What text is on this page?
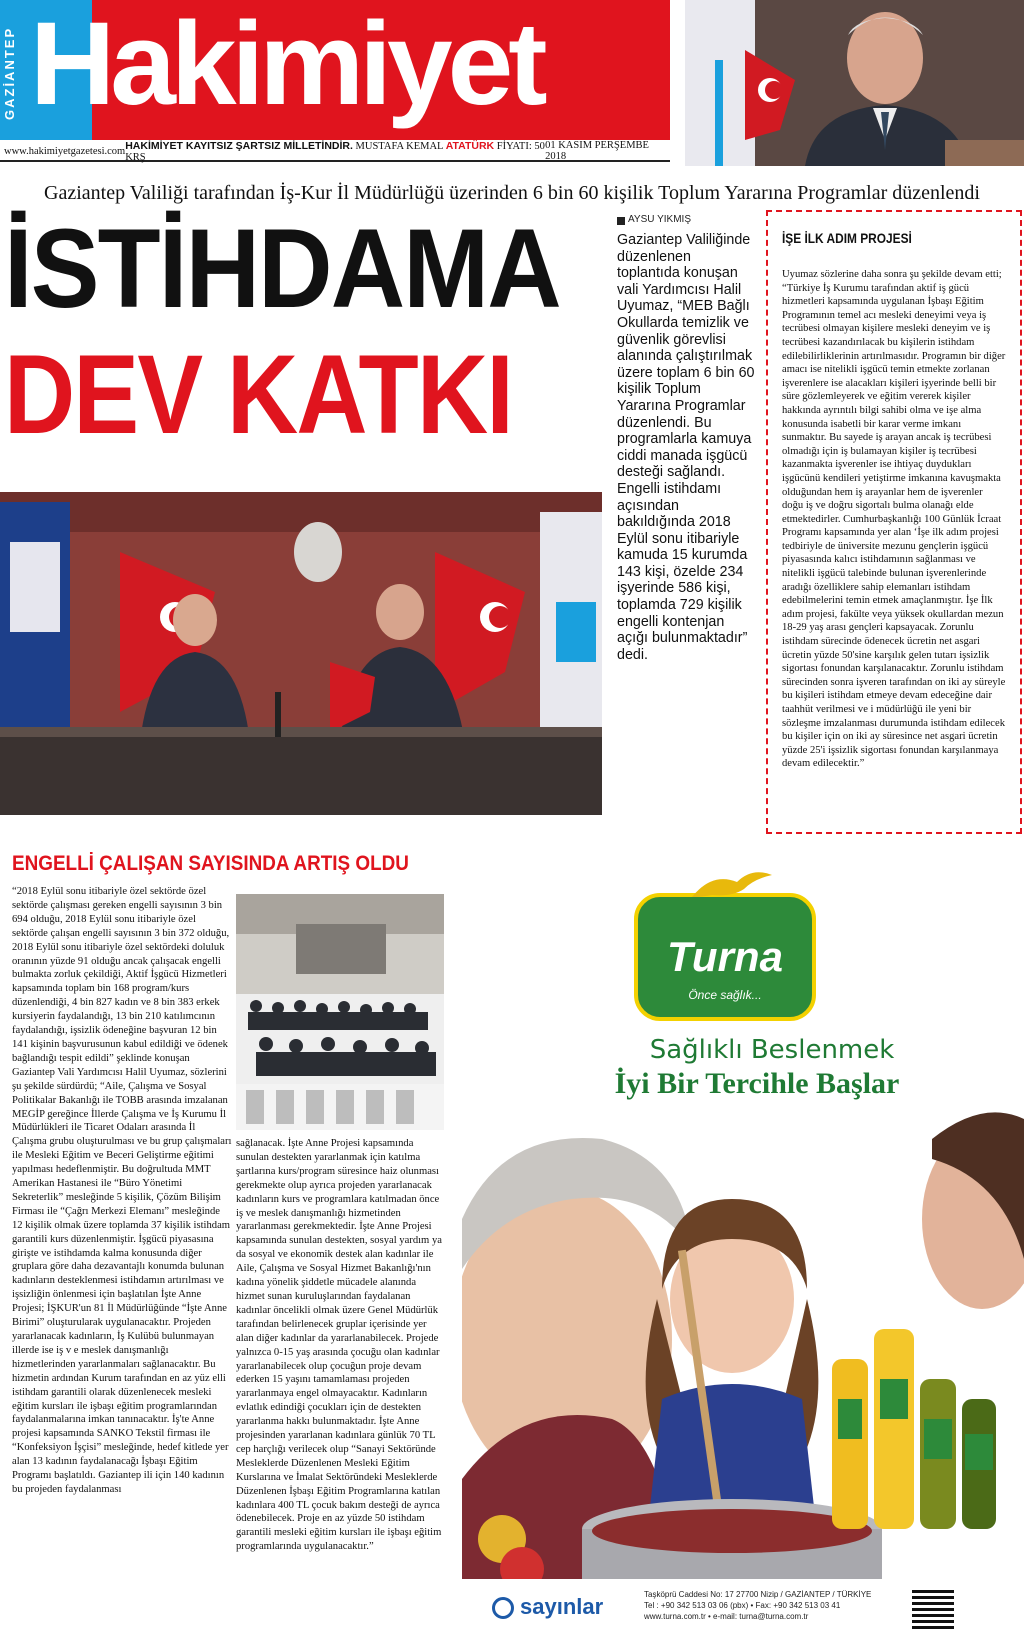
GAZİANTEP Hakimiyet
www.hakimiyetgazetesi.com HAKİMİYET KAYITSIZ ŞARTSIZ MİLLETİNDİR. MUSTAFA KEMAL ATATÜRK FİYATI: 50 KRŞ
01 KASIM PERŞEMBE 2018
Gaziantep Valiliği tarafından İş-Kur İl Müdürlüğü üzerinden 6 bin 60 kişilik Toplum Yararına Programlar düzenlendi
İSTİHDAMA
DEV KATKI
AYSU YIKMIŞ
Gaziantep Valiliğinde düzenlenen toplantıda konuşan vali Yardımcısı Halil Uyumaz, “MEB Bağlı Okullarda temizlik ve güvenlik görevlisi alanında çalıştırılmak üzere toplam 6 bin 60 kişilik Toplum Yararına Programlar düzenlendi. Bu programlarla kamuya ciddi manada işgücü desteği sağlandı. Engelli istihdamı açısından bakıldığında 2018 Eylül sonu itibariyle kamuda 15 kurumda 143 kişi, özelde 234 işyerinde 586 kişi, toplamda 729 kişilik engelli kontenjan açığı bulunmaktadır” dedi.
İŞE İLK ADIM PROJESİ
Uyumaz sözlerine daha sonra şu şekilde devam etti; “Türkiye İş Kurumu tarafından aktif iş gücü hizmetleri kapsamında uygulanan İşbaşı Eğitim Programının temel acı mesleki deneyimi veya iş tecrübesi olmayan kişilere mesleki deneyim ve iş tecrübesi kazandırılacak bu kişilerin istihdam edilebilirliklerinin artırılmasıdır. Programın bir diğer amacı ise nitelikli işgücü temin etmekte zorlanan işverenlere ise alacakları kişileri işyerinde belli bir süre gözlemleyerek ve eğitim vererek kişiler hakkında ayrıntılı bilgi sahibi olma ve işe alma konusunda isabetli bir karar verme imkanı sunmaktır. Bu sayede iş arayan ancak iş tecrübesi olmadığı için iş bulamayan kişiler iş tecrübesi kazanmakta işverenler ise ihtiyaç duydukları işgücünü kendileri yetiştirme imkanına kavuşmakta olduğundan hem iş arayanlar hem de işverenler doğu iş ve doğru sigortalı bulma olanağı elde etmektedirler. Cumhurbaşkanlığı 100 Günlük İcraat Programı kapsamında yer alan ‘İşe ilk adım projesi tedbiriyle de üniversite mezunu gençlerin işgücü piyasasında kalıcı istihdamının sağlanması ve nitelikli işgücü talebinde bulunan işverenlerinde aradığı özelliklere sahip elemanları istihdam edebilmelerini temin etmek amaçlanmıştır. İşe İlk adım projesi, fakülte veya yüksek okullardan mezun 18-29 yaş arası gençleri kapsayacak. Zorunlu istihdam sürecinde ödenecek ücretin net asgari ücretin yüzde 50'sine karşılık gelen tutarı işsizlik sigortası fonundan karşılanacaktır. Zorunlu istihdam sürecinden sonra işveren tarafından on iki ay süreyle bu kişileri istihdam etmeye devam edeceğine dair taahhüt verilmesi ve i müdürlüğü ile yeni bir sözleşme imzalanması durumunda istihdam edilecek bu kişiler için on iki ay süresince net asgari ücretin yüzde 25'i işsizlik sigortası fonundan karşılanmaya devam edilecektir.”
ENGELLİ ÇALIŞAN SAYISINDA ARTIŞ OLDU
“2018 Eylül sonu itibariyle özel sektörde özel sektörde çalışması gereken engelli sayısının 3 bin 694 olduğu, 2018 Eylül sonu itibariyle özel sektörde çalışan engelli sayısının 3 bin 372 olduğu, 2018 Eylül sonu itibariyle özel sektördeki doluluk oranının yüzde 91 olduğu ancak çalışacak engelli bulmakta zorluk çekildiği, Aktif İşgücü Hizmetleri kapsamında toplam bin 168 program/kurs düzenlendiği, 4 bin 827 kadın ve 8 bin 383 erkek kursiyerin faydalandığı, 13 bin 210 katılımcının faydalandığı, işsizlik ödeneğine başvuran 12 bin 141 kişinin başvurusunun kabul edildiği ve ödenek bağlandığı tespit edildi” şeklinde konuşan Gaziantep Vali Yardımcısı Halil Uyumaz, sözlerini şu şekilde sürdürdü; “Aile, Çalışma ve Sosyal Politikalar Bakanlığı ile TOBB arasında imzalanan MEGİP gereğince İllerde Çalışma ve İş Kurumu İl Müdürlükleri ile Ticaret Odaları arasında İl Çalışma grubu oluşturulması ve bu grup çalışmaları ile Mesleki Eğitim ve Beceri Geliştirme eğitimi yapılması hedeflenmiştir. Bu doğrultuda MMT Amerikan Hastanesi ile “Büro Yönetimi Sekreterlik” mesleğinde 5 kişilik, Çözüm Bilişim Firması ile “Çağrı Merkezi Elemanı” mesleğinde 12 kişilik olmak üzere toplamda 37 kişilik istihdam garantili kurs düzenlenmiştir. İşgücü piyasasına girişte ve istihdamda kalma konusunda diğer gruplara göre daha dezavantajlı konumda bulunan kadınların desteklenmesi istihdamın artırılması ve işsizliğin önlenmesi için başlatılan İşte Anne Projesi; İŞKUR'un 81 İl Müdürlüğünde “İşte Anne Birimi” oluşturularak uygulanacaktır. Projeden yararlanacak kadınların, İş Kulübü bulunmayan illerde ise iş v e meslek danışmanlığı hizmetlerinden yararlanmaları sağlanacaktır. Bu hizmetin ardından Kurum tarafından en az yüz elli istihdam garantili olarak düzenlenecek mesleki eğitim kursları ile işbaşı eğitim programlarından faydalanmalarına imkan tanınacaktır. İş'te Anne projesi kapsamında SANKO Tekstil firması ile “Konfeksiyon İşçisi” mesleğinde, hedef kitlede yer alan 13 kadının faydalanacağı İşbaşı Eğitim Programı başlatıldı. Gaziantep ili için 140 kadının bu projeden faydalanması
sağlanacak. İşte Anne Projesi kapsamında sunulan destekten yararlanmak için katılma şartlarına kurs/program süresince haiz olunması gerekmekte olup ayrıca projeden yararlanacak kadınların kurs ve programlara katılmadan önce iş ve meslek danışmanlığı hizmetinden yararlanması gerekmektedir. İşte Anne Projesi kapsamında sunulan destekten, sosyal yardım ya da sosyal ve ekonomik destek alan kadınlar ile Aile, Çalışma ve Sosyal Hizmet Bakanlığı'nın kadına yönelik şiddetle mücadele alanında hizmet sunan kuruluşlarından faydalanan kadınlar öncelikli olmak üzere Genel Müdürlük tarafından belirlenecek gruplar içerisinde yer alan diğer kadınlar da yararlanabilecek. Projede yalnızca 0-15 yaş arasında çocuğu olan kadınlar yararlanabilecek olup çocuğun proje devam ederken 15 yaşını tamamlaması projeden yararlanmaya engel olmayacaktır. Kadınların evlatlık edindiği çocukları için de destekten yararlanma hakkı bulunmaktadır. İşte Anne projesinden yararlanan kadınlara günlük 70 TL cep harçlığı verilecek olup “Sanayi Sektöründe Mesleklerde Düzenlenen Mesleki Eğitim Kurslarına ve İmalat Sektöründeki Mesleklerde Düzenlenen İşbaşı Eğitim Programlarına katılan kadınlara 400 TL çocuk bakım desteği de ayrıca ödenebilecek. Proje en az yüzde 50 istihdam garantili mesleki eğitim kursları ile işbaşı eğitim programlarında uygulanacaktır.”
Turna
Önce sağlık...
Sağlıklı Beslenmek
İyi Bir Tercihle Başlar
sayınlar	Taşköprü Caddesi No: 17 27700 Nizip / GAZİANTEP / TÜRKİYE
Tel : +90 342 513 03 06 (pbx) • Fax: +90 342 513 03 41
www.turna.com.tr • e-mail: turna@turna.com.tr
